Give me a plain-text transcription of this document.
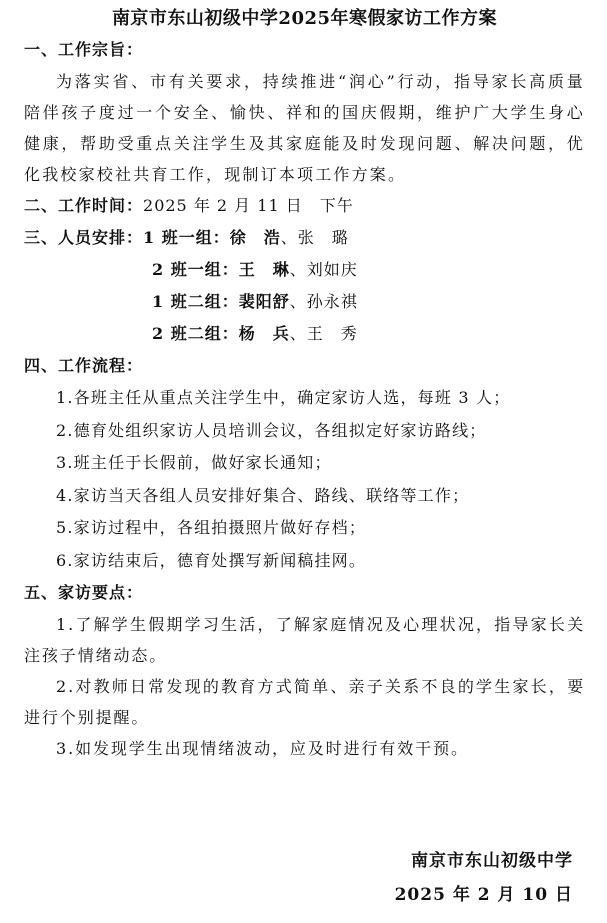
南京市东山初级中学2025年寒假家访工作方案
一、工作宗旨：

为落实省、市有关要求，持续推进“润心”行动，指导家长高质量陪伴孩子度过一个安全、愉快、祥和的国庆假期，维护广大学生身心健康，帮助受重点关注学生及其家庭能及时发现问题、解决问题，优化我校家校社共育工作，现制订本项工作方案。

二、工作时间：2025 年 2 月 11 日　下午
三、人员安排：1 班一组：徐　浩、张　璐
2 班一组：王　琳、刘如庆
1 班二组：裴阳舒、孙永祺
2 班二组：杨　兵、王　秀
四、工作流程：
1.各班主任从重点关注学生中，确定家访人选，每班 3 人；
2.德育处组织家访人员培训会议，各组拟定好家访路线；
3.班主任于长假前，做好家长通知；
4.家访当天各组人员安排好集合、路线、联络等工作；
5.家访过程中，各组拍摄照片做好存档；
6.家访结束后，德育处撰写新闻稿挂网。
五、家访要点：

1.了解学生假期学习生活，了解家庭情况及心理状况，指导家长关注孩子情绪动态。

2.对教师日常发现的教育方式简单、亲子关系不良的学生家长，要进行个别提醒。

3.如发现学生出现情绪波动，应及时进行有效干预。

南京市东山初级中学
2025 年 2 月 10 日
